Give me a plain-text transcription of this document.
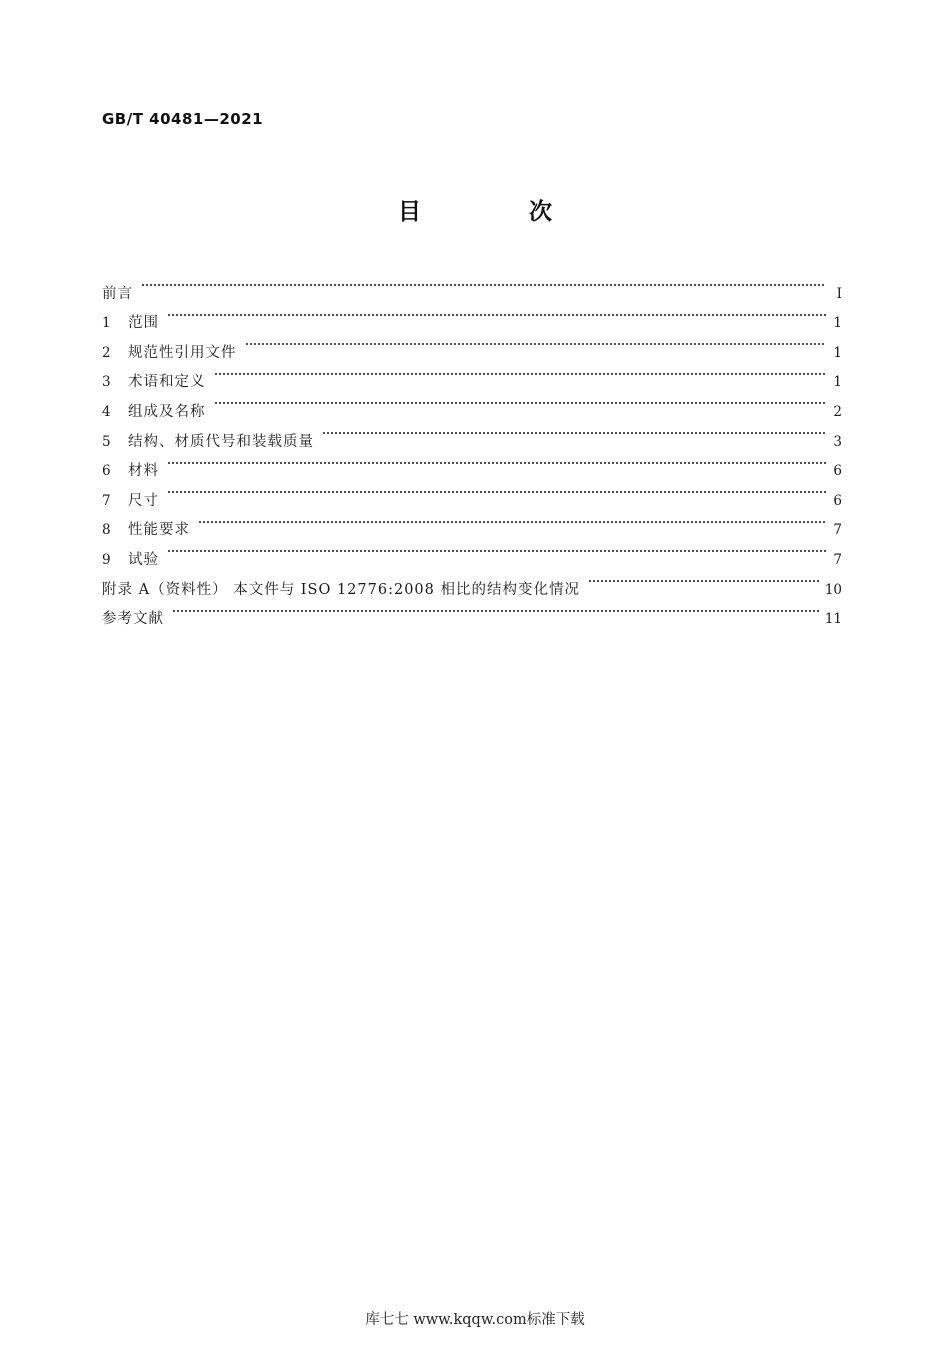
GB/T 40481—2021
目 次
前言	Ⅰ
1	范围	1
2	规范性引用文件	1
3	术语和定义	1
4	组成及名称	2
5	结构、材质代号和装载质量	3
6	材料	6
7	尺寸	6
8	性能要求	7
9	试验	7
附录 A（资料性） 本文件与 ISO 12776:2008 相比的结构变化情况	10
参考文献	11
库七七 www.kqqw.com标准下载
